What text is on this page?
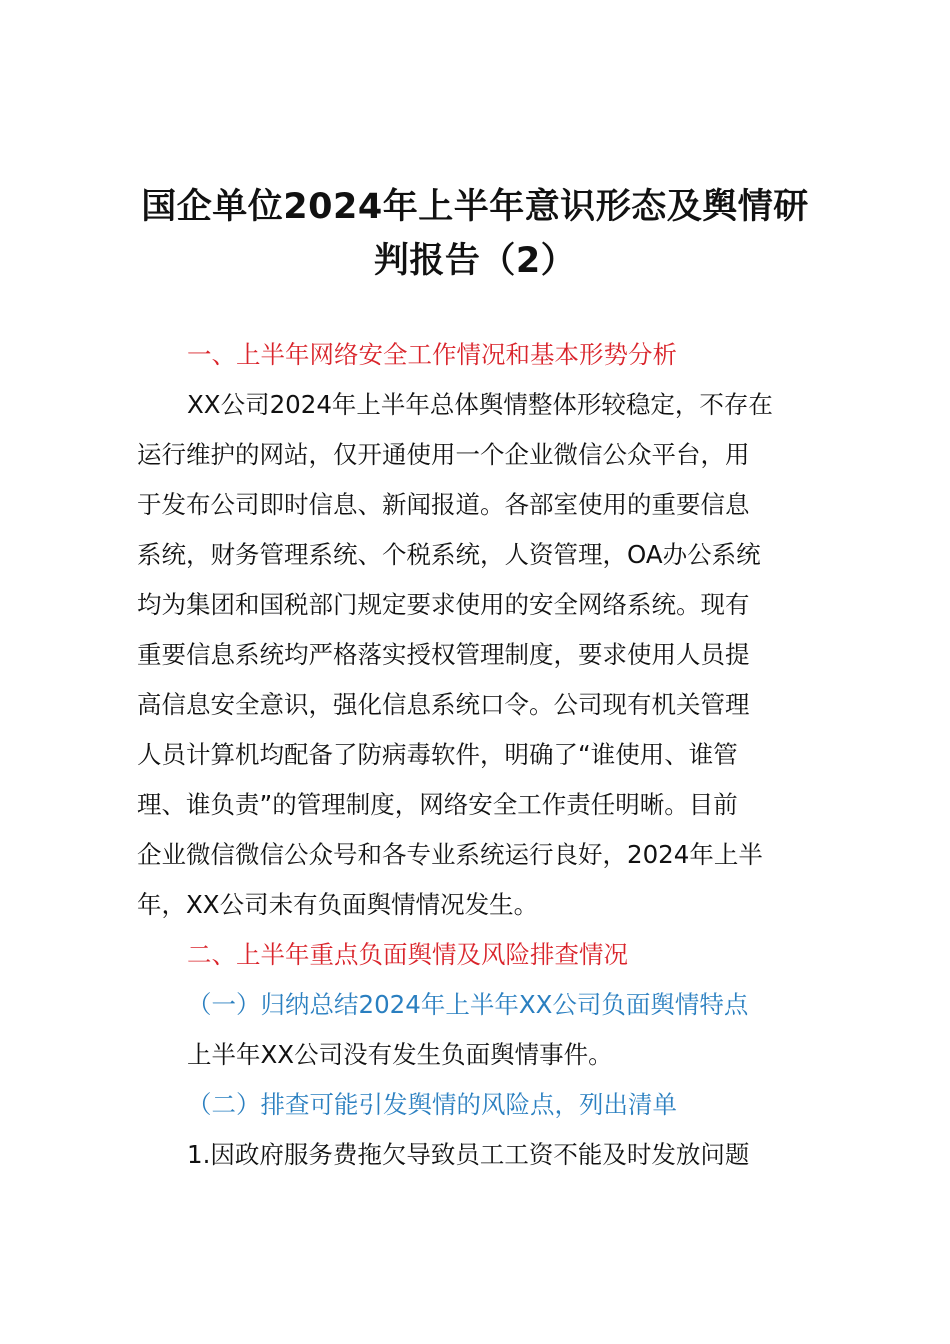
国企单位2024年上半年意识形态及舆情研
判报告（2）
一、上半年网络安全工作情况和基本形势分析
XX公司2024年上半年总体舆情整体形较稳定，不存在
运行维护的网站，仅开通使用一个企业微信公众平台，用
于发布公司即时信息、新闻报道。各部室使用的重要信息
系统，财务管理系统、个税系统，人资管理，OA办公系统
均为集团和国税部门规定要求使用的安全网络系统。现有
重要信息系统均严格落实授权管理制度，要求使用人员提
高信息安全意识，强化信息系统口令。公司现有机关管理
人员计算机均配备了防病毒软件，明确了“谁使用、谁管
理、谁负责”的管理制度，网络安全工作责任明晰。目前
企业微信微信公众号和各专业系统运行良好，2024年上半
年，XX公司未有负面舆情情况发生。
二、上半年重点负面舆情及风险排查情况
（一）归纳总结2024年上半年XX公司负面舆情特点
上半年XX公司没有发生负面舆情事件。
（二）排查可能引发舆情的风险点，列出清单
1.因政府服务费拖欠导致员工工资不能及时发放问题
